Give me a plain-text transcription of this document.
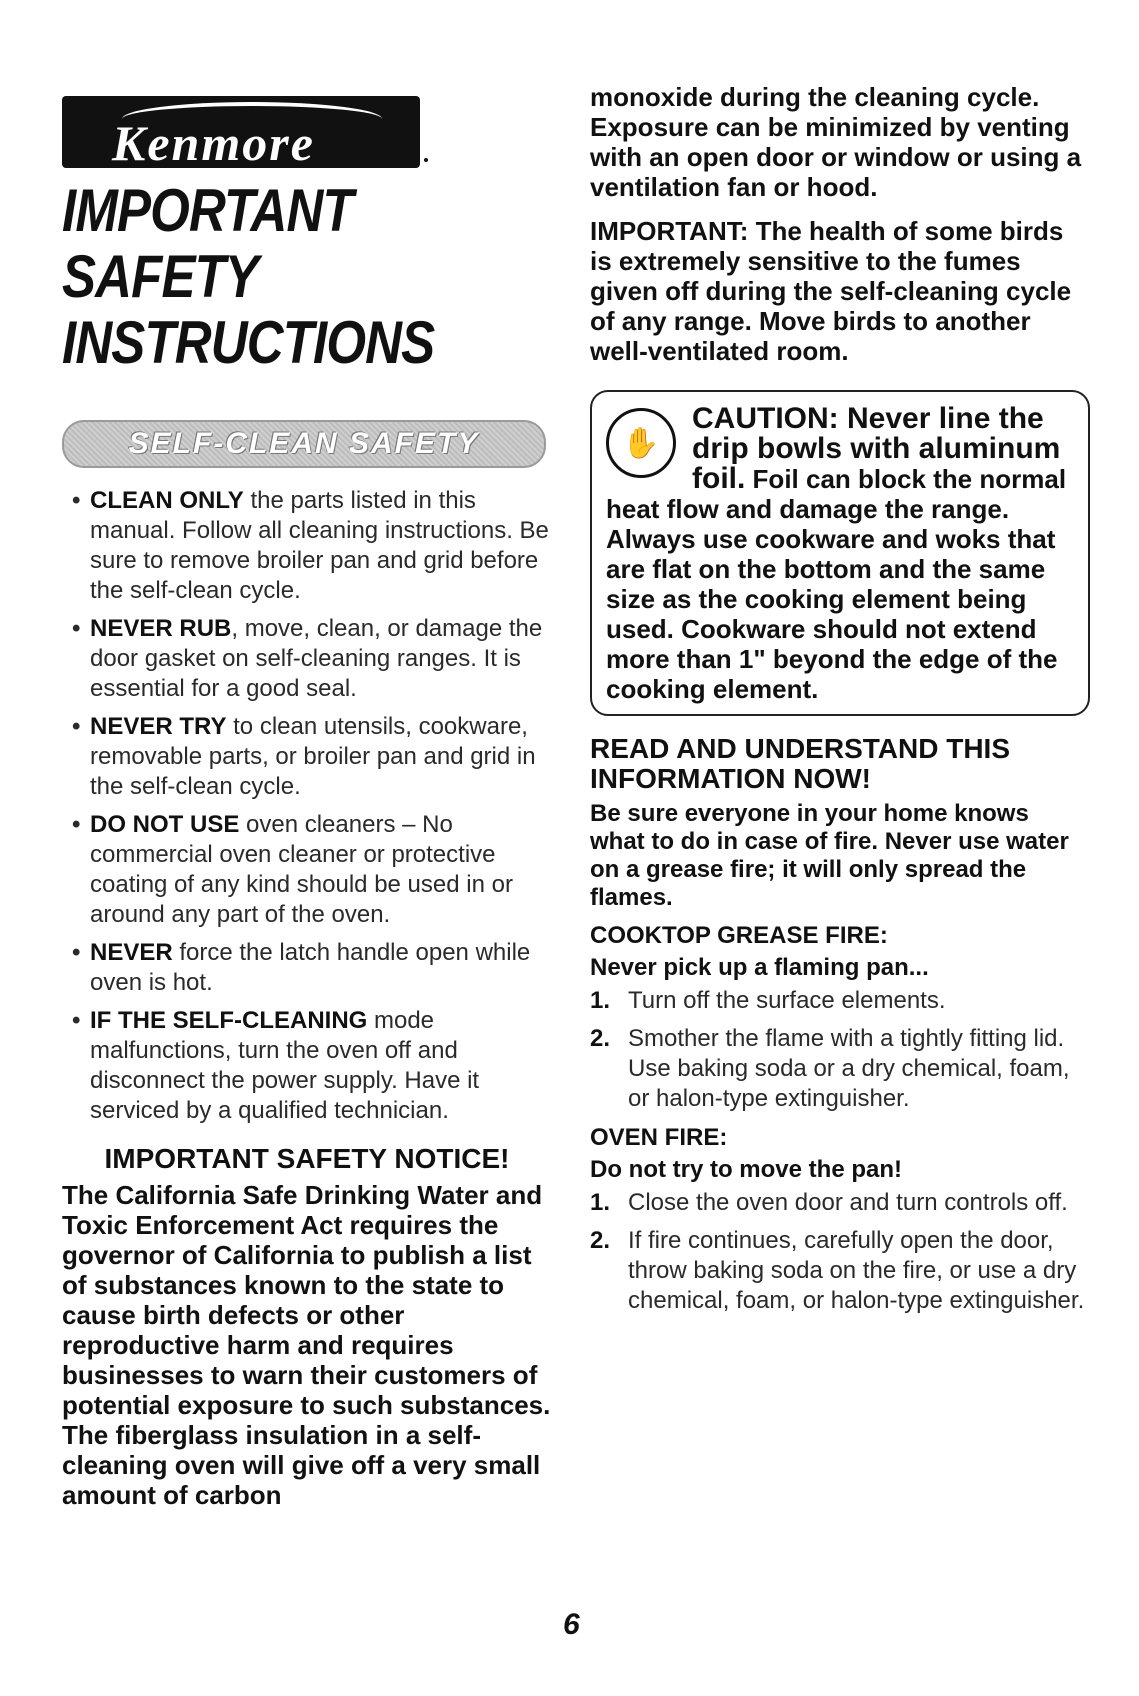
Kenmore
IMPORTANT SAFETY
INSTRUCTIONS
SELF-CLEAN SAFETY
• CLEAN ONLY the parts listed in this manual. Follow all cleaning instructions. Be sure to remove broiler pan and grid before the self-clean cycle.
• NEVER RUB, move, clean, or damage the door gasket on self-cleaning ranges. It is essential for a good seal.
• NEVER TRY to clean utensils, cookware, removable parts, or broiler pan and grid in the self-clean cycle.
• DO NOT USE oven cleaners – No commercial oven cleaner or protective coating of any kind should be used in or around any part of the oven.
• NEVER force the latch handle open while oven is hot.
• IF THE SELF-CLEANING mode malfunctions, turn the oven off and disconnect the power supply. Have it serviced by a qualified technician.
IMPORTANT SAFETY NOTICE!

The California Safe Drinking Water and Toxic Enforcement Act requires the governor of California to publish a list of substances known to the state to cause birth defects or other reproductive harm and requires businesses to warn their customers of potential exposure to such substances. The fiberglass insulation in a self-cleaning oven will give off a very small amount of carbon

monoxide during the cleaning cycle. Exposure can be minimized by venting with an open door or window or using a ventilation fan or hood.

IMPORTANT: The health of some birds is extremely sensitive to the fumes given off during the self-cleaning cycle of any range. Move birds to another well-ventilated room.

✋
CAUTION: Never line the drip bowls with aluminum foil. Foil can block the normal heat flow and damage the range. Always use cookware and woks that are flat on the bottom and the same size as the cooking element being used. Cookware should not extend more than 1" beyond the edge of the cooking element.
READ AND UNDERSTAND THIS INFORMATION NOW!

Be sure everyone in your home knows what to do in case of fire. Never use water on a grease fire; it will only spread the flames.

COOKTOP GREASE FIRE:
Never pick up a flaming pan...
1. Turn off the surface elements.
2. Smother the flame with a tightly fitting lid. Use baking soda or a dry chemical, foam, or halon-type extinguisher.
OVEN FIRE:
Do not try to move the pan!
1. Close the oven door and turn controls off.
2. If fire continues, carefully open the door, throw baking soda on the fire, or use a dry chemical, foam, or halon-type extinguisher.
6
